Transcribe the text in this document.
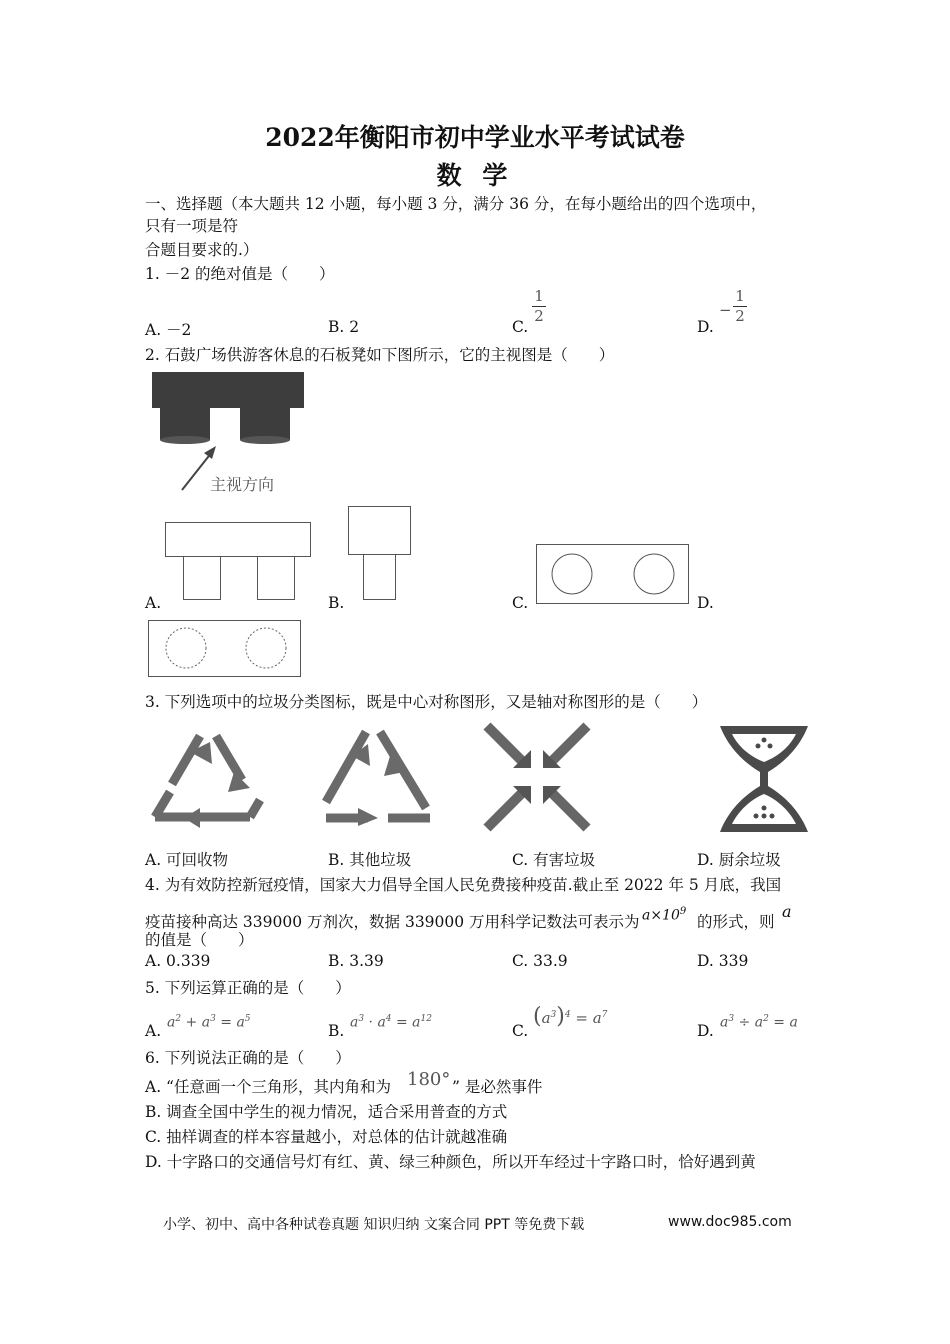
2022年衡阳市初中学业水平考试试卷
数 学
一、选择题（本大题共 12 小题，每小题 3 分，满分 36 分，在每小题给出的四个选项中，
只有一项是符
合题目要求的.）
1. －2 的绝对值是（　　）
A. －2	B. 2	C.
1
2
D.
−
1
2
2. 石鼓广场供游客休息的石板凳如下图所示，它的主视图是（　　）
主视方向
A.	B.	C.	D.
3. 下列选项中的垃圾分类图标，既是中心对称图形，又是轴对称图形的是（　　）
A. 可回收物	B. 其他垃圾	C. 有害垃圾	D. 厨余垃圾
4. 为有效防控新冠疫情，国家大力倡导全国人民免费接种疫苗.截止至 2022 年 5 月底，我国
疫苗接种高达 339000 万剂次，数据 339000 万用科学记数法可表示为 $a\times 10^9$
的形式，则
a
的值是（　　）
A. 0.339	B. 3.39	C. 33.9	D. 339
5. 下列运算正确的是（　　）
A. $a^2 + a^3 = a^5$
B. $a^3 \cdot a^4 = a^{12}$
C.
$(a^3)^4 = a^7$
D. $a^3 \div a^2 = a$
6. 下列说法正确的是（　　）
A. “任意画一个三角形，其内角和为 180° ” 是必然事件
B. 调查全国中学生的视力情况，适合采用普查的方式
C. 抽样调查的样本容量越小，对总体的估计就越准确
D. 十字路口的交通信号灯有红、黄、绿三种颜色，所以开车经过十字路口时，恰好遇到黄
小学、初中、高中各种试卷真题 知识归纳 文案合同 PPT 等免费下载	www.doc985.com
